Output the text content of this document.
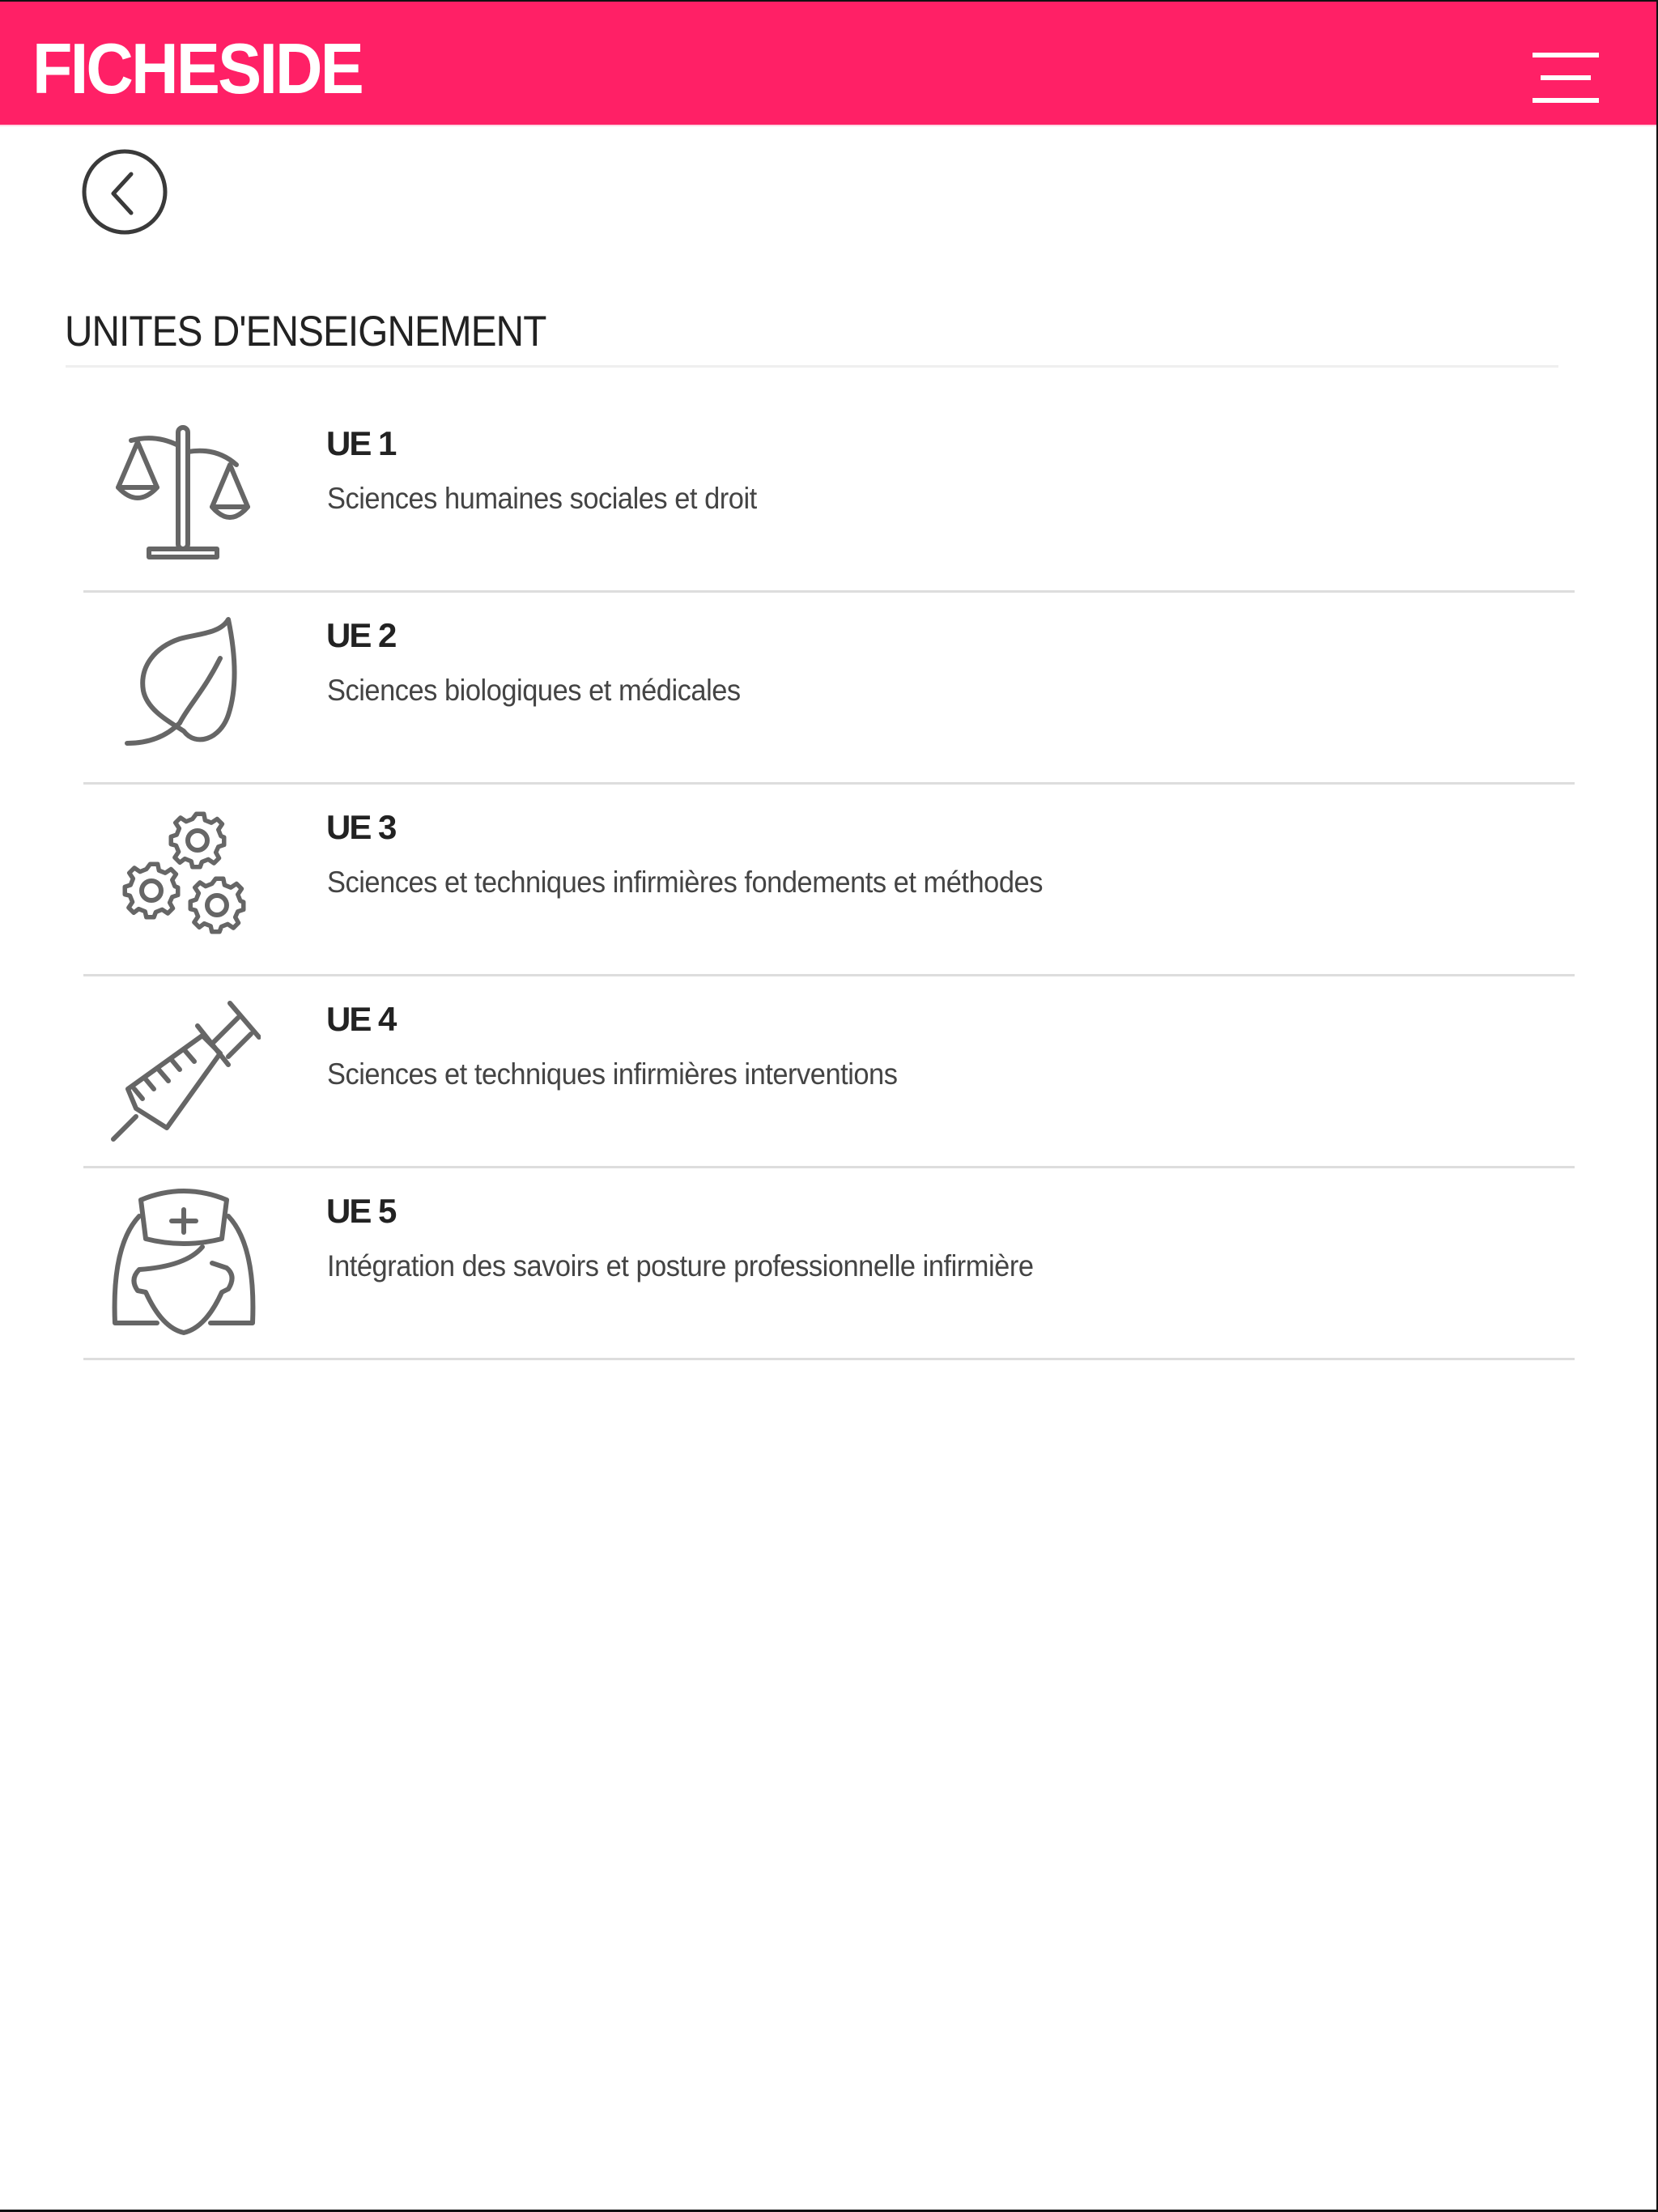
FICHESIDE
UNITES D'ENSEIGNEMENT
UE 1
Sciences humaines sociales et droit
UE 2
Sciences biologiques et médicales
UE 3
Sciences et techniques infirmières fondements et méthodes
UE 4
Sciences et techniques infirmières interventions
UE 5
Intégration des savoirs et posture professionnelle infirmière
